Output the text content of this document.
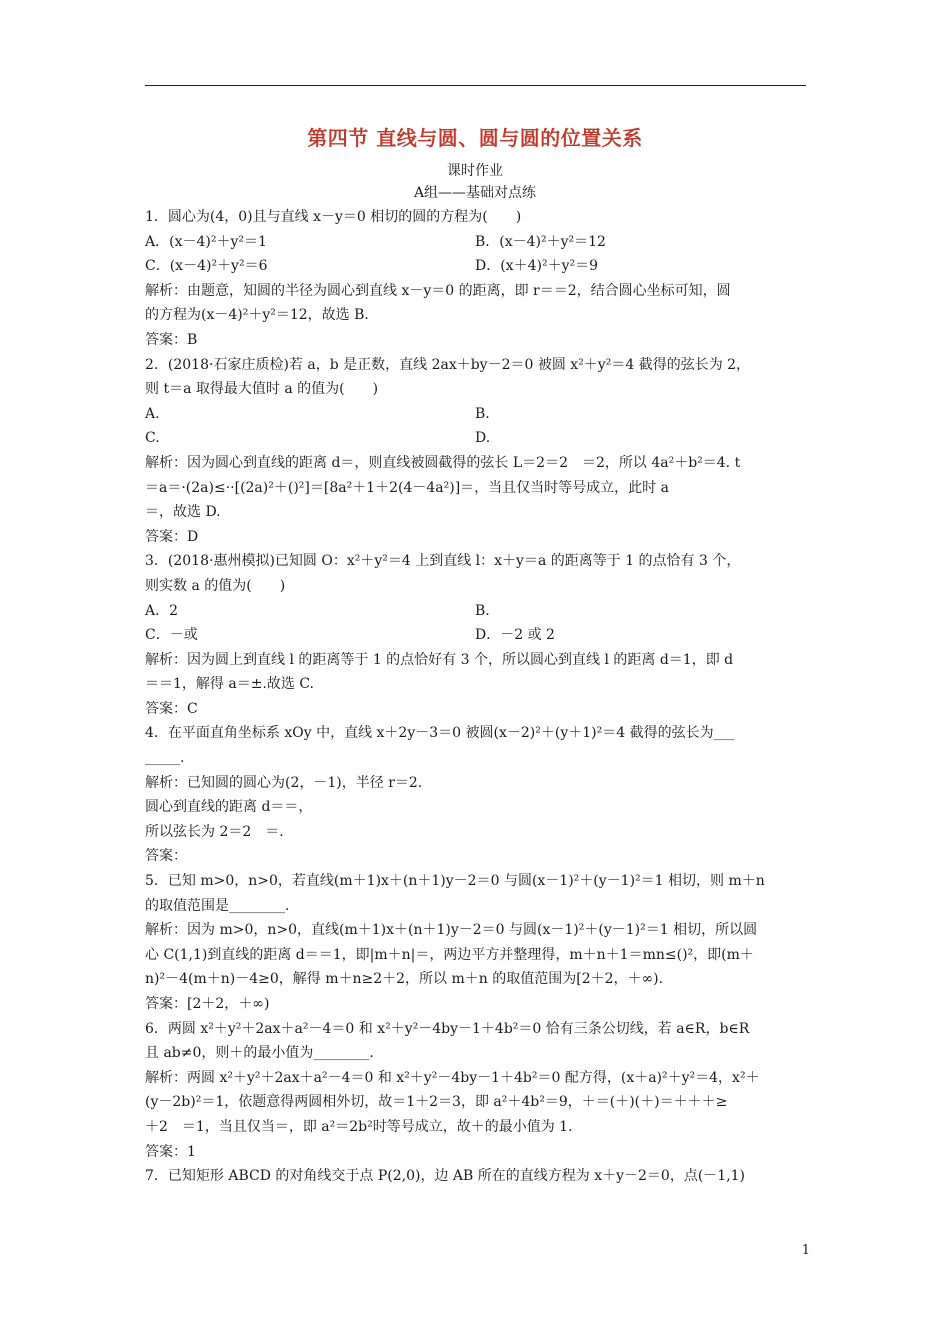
第四节 直线与圆、圆与圆的位置关系
课时作业
A组——基础对点练
1．圆心为(4，0)且与直线 x－y＝0 相切的圆的方程为(　　)
A．(x－4)²＋y²＝1	B．(x－4)²＋y²＝12
C．(x－4)²＋y²＝6	D．(x＋4)²＋y²＝9
解析：由题意，知圆的半径为圆心到直线 x－y＝0 的距离，即 r＝＝2，结合圆心坐标可知，圆
的方程为(x－4)²＋y²＝12，故选 B.
答案：B
2．(2018·石家庄质检)若 a，b 是正数，直线 2ax＋by－2＝0 被圆 x²＋y²＝4 截得的弦长为 2，
则 t＝a 取得最大值时 a 的值为(　　)
A.	B.
C.	D.
解析：因为圆心到直线的距离 d＝，则直线被圆截得的弦长 L＝2＝2　＝2，所以 4a²＋b²＝4. t
＝a＝·(2a)≤··[(2a)²＋()²]＝[8a²＋1＋2(4－4a²)]＝，当且仅当时等号成立，此时 a
＝，故选 D.
答案：D
3．(2018·惠州模拟)已知圆 O：x²＋y²＝4 上到直线 l：x＋y＝a 的距离等于 1 的点恰有 3 个，
则实数 a 的值为(　　)
A．2	B.
C．－或	D．－2 或 2
解析：因为圆上到直线 l 的距离等于 1 的点恰好有 3 个，所以圆心到直线 l 的距离 d＝1，即 d
＝＝1，解得 a＝±.故选 C.
答案：C
4．在平面直角坐标系 xOy 中，直线 x＋2y－3＝0 被圆(x－2)²＋(y＋1)²＝4 截得的弦长为___
_____.
解析：已知圆的圆心为(2，－1)，半径 r＝2.
圆心到直线的距离 d＝＝，
所以弦长为 2＝2　＝.
答案：
5．已知 m>0，n>0，若直线(m＋1)x＋(n＋1)y－2＝0 与圆(x－1)²＋(y－1)²＝1 相切，则 m＋n
的取值范围是________.
解析：因为 m>0，n>0，直线(m＋1)x＋(n＋1)y－2＝0 与圆(x－1)²＋(y－1)²＝1 相切，所以圆
心 C(1,1)到直线的距离 d＝＝1，即|m＋n|＝，两边平方并整理得，m＋n＋1＝mn≤()²，即(m＋
n)²－4(m＋n)－4≥0，解得 m＋n≥2＋2，所以 m＋n 的取值范围为[2＋2，＋∞).
答案：[2＋2，＋∞)
6．两圆 x²＋y²＋2ax＋a²－4＝0 和 x²＋y²－4by－1＋4b²＝0 恰有三条公切线，若 a∈R，b∈R
且 ab≠0，则＋的最小值为________.
解析：两圆 x²＋y²＋2ax＋a²－4＝0 和 x²＋y²－4by－1＋4b²＝0 配方得，(x＋a)²＋y²＝4，x²＋
(y－2b)²＝1，依题意得两圆相外切，故＝1＋2＝3，即 a²＋4b²＝9，＋＝(＋)(＋)＝＋＋＋≥
＋2　＝1，当且仅当＝，即 a²＝2b²时等号成立，故＋的最小值为 1.
答案：1
7．已知矩形 ABCD 的对角线交于点 P(2,0)，边 AB 所在的直线方程为 x＋y－2＝0，点(－1,1)
1
